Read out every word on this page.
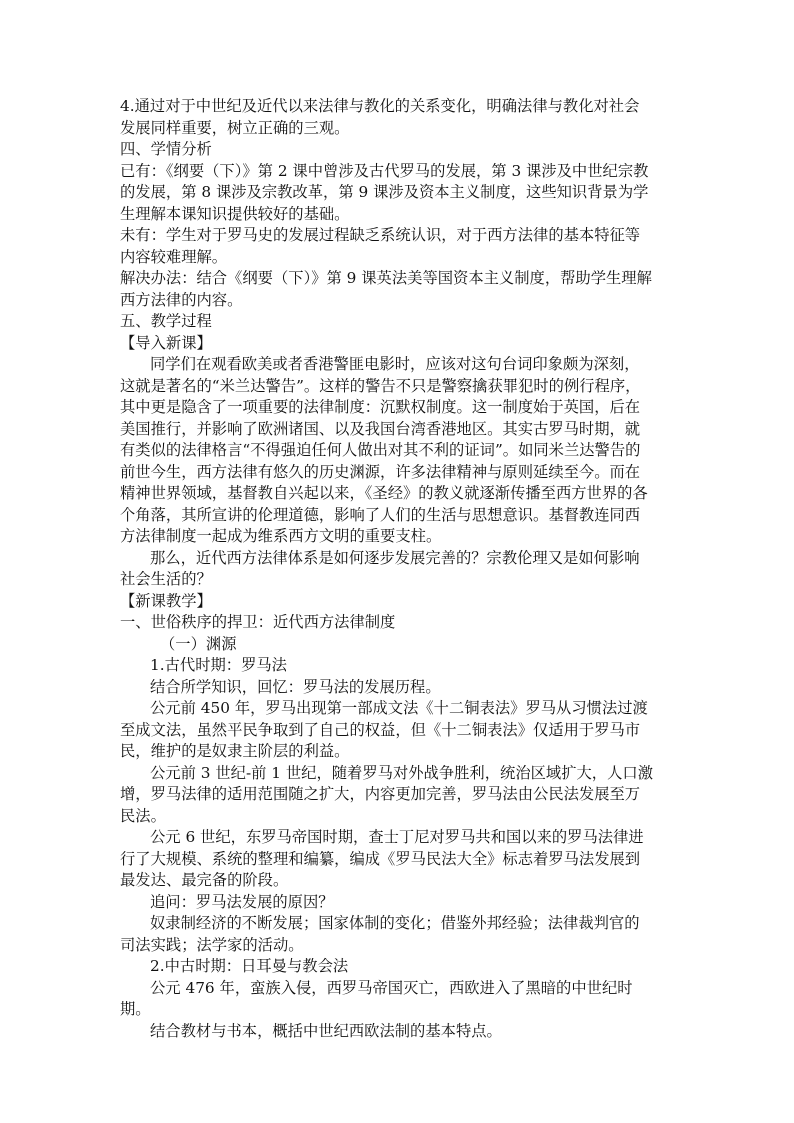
4.通过对于中世纪及近代以来法律与教化的关系变化，明确法律与教化对社会
发展同样重要，树立正确的三观。
四、学情分析
已有：《纲要（下）》第 2 课中曾涉及古代罗马的发展，第 3 课涉及中世纪宗教
的发展，第 8 课涉及宗教改革，第 9 课涉及资本主义制度，这些知识背景为学
生理解本课知识提供较好的基础。
未有：学生对于罗马史的发展过程缺乏系统认识，对于西方法律的基本特征等
内容较难理解。
解决办法：结合《纲要（下）》第 9 课英法美等国资本主义制度，帮助学生理解
西方法律的内容。
五、教学过程
【导入新课】
同学们在观看欧美或者香港警匪电影时，应该对这句台词印象颇为深刻，
这就是著名的“米兰达警告”。这样的警告不只是警察擒获罪犯时的例行程序，
其中更是隐含了一项重要的法律制度：沉默权制度。这一制度始于英国，后在
美国推行，并影响了欧洲诸国、以及我国台湾香港地区。其实古罗马时期，就
有类似的法律格言“不得强迫任何人做出对其不利的证词”。如同米兰达警告的
前世今生，西方法律有悠久的历史渊源，许多法律精神与原则延续至今。而在
精神世界领域，基督教自兴起以来，《圣经》的教义就逐渐传播至西方世界的各
个角落，其所宣讲的伦理道德，影响了人们的生活与思想意识。基督教连同西
方法律制度一起成为维系西方文明的重要支柱。
那么，近代西方法律体系是如何逐步发展完善的？宗教伦理又是如何影响
社会生活的？
【新课教学】
一、世俗秩序的捍卫：近代西方法律制度
（一）渊源
1.古代时期：罗马法
结合所学知识，回忆：罗马法的发展历程。
公元前 450 年，罗马出现第一部成文法《十二铜表法》罗马从习惯法过渡
至成文法，虽然平民争取到了自己的权益，但《十二铜表法》仅适用于罗马市
民，维护的是奴隶主阶层的利益。
公元前 3 世纪-前 1 世纪，随着罗马对外战争胜利，统治区域扩大，人口激
增，罗马法律的适用范围随之扩大，内容更加完善，罗马法由公民法发展至万
民法。
公元 6 世纪，东罗马帝国时期，查士丁尼对罗马共和国以来的罗马法律进
行了大规模、系统的整理和编纂，编成《罗马民法大全》标志着罗马法发展到
最发达、最完备的阶段。
追问：罗马法发展的原因？
奴隶制经济的不断发展；国家体制的变化；借鉴外邦经验；法律裁判官的
司法实践；法学家的活动。
2.中古时期：日耳曼与教会法
公元 476 年，蛮族入侵，西罗马帝国灭亡，西欧进入了黑暗的中世纪时
期。
结合教材与书本，概括中世纪西欧法制的基本特点。
